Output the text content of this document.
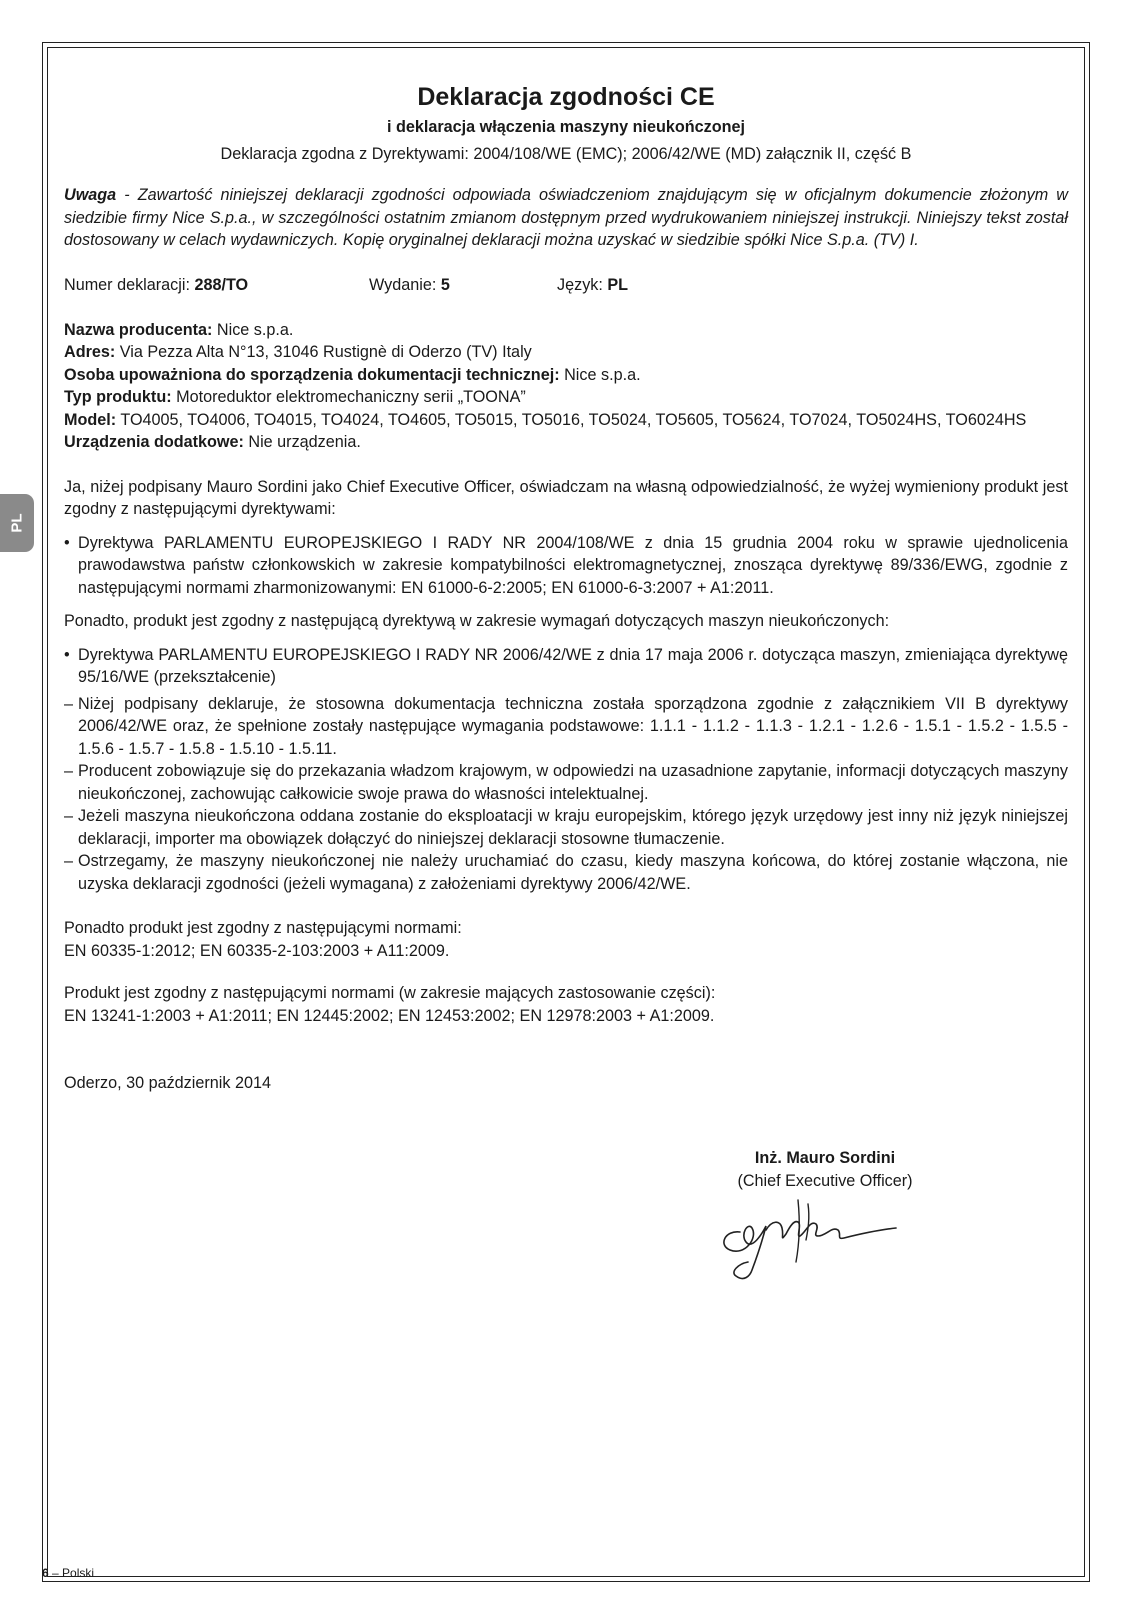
PL
Deklaracja zgodności CE

i deklaracja włączenia maszyny nieukończonej

Deklaracja zgodna z Dyrektywami: 2004/108/WE (EMC); 2006/42/WE (MD) załącznik II, część B

Uwaga - Zawartość niniejszej deklaracji zgodności odpowiada oświadczeniom znajdującym się w oficjalnym dokumencie złożonym w siedzibie firmy Nice S.p.a., w szczególności ostatnim zmianom dostępnym przed wydrukowaniem niniejszej instrukcji. Niniejszy tekst został dostosowany w celach wydawniczych. Kopię oryginalnej deklaracji można uzyskać w siedzibie spółki Nice S.p.a. (TV) I.

Numer deklaracji: 288/TO	Wydanie: 5	Język: PL

Nazwa producenta: Nice s.p.a.

Adres: Via Pezza Alta N°13, 31046 Rustignè di Oderzo (TV) Italy

Osoba upoważniona do sporządzenia dokumentacji technicznej: Nice s.p.a.

Typ produktu: Motoreduktor elektromechaniczny serii „TOONA”

Model: TO4005, TO4006, TO4015, TO4024, TO4605, TO5015, TO5016, TO5024, TO5605, TO5624, TO7024, TO5024HS, TO6024HS

Urządzenia dodatkowe: Nie urządzenia.

Ja, niżej podpisany Mauro Sordini jako Chief Executive Officer, oświadczam na własną odpowiedzialność, że wyżej wymieniony produkt jest zgodny z następującymi dyrektywami:

• Dyrektywa PARLAMENTU EUROPEJSKIEGO I RADY NR 2004/108/WE z dnia 15 grudnia 2004 roku w sprawie ujednolicenia prawodawstwa państw członkowskich w zakresie kompatybilności elektromagnetycznej, znosząca dyrektywę 89/336/EWG, zgodnie z następującymi normami zharmonizowanymi: EN 61000-6-2:2005; EN 61000-6-3:2007 + A1:2011.

Ponadto, produkt jest zgodny z następującą dyrektywą w zakresie wymagań dotyczących maszyn nieukończonych:

• Dyrektywa PARLAMENTU EUROPEJSKIEGO I RADY NR 2006/42/WE z dnia 17 maja 2006 r. dotycząca maszyn, zmieniająca dyrektywę 95/16/WE (przekształcenie)
– Niżej podpisany deklaruje, że stosowna dokumentacja techniczna została sporządzona zgodnie z załącznikiem VII B dyrektywy 2006/42/WE oraz, że spełnione zostały następujące wymagania podstawowe: 1.1.1 - 1.1.2 - 1.1.3 - 1.2.1 - 1.2.6 - 1.5.1 - 1.5.2 - 1.5.5 - 1.5.6 - 1.5.7 - 1.5.8 - 1.5.10 - 1.5.11.
– Producent zobowiązuje się do przekazania władzom krajowym, w odpowiedzi na uzasadnione zapytanie, informacji dotyczących maszyny nieukończonej, zachowując całkowicie swoje prawa do własności intelektualnej.
– Jeżeli maszyna nieukończona oddana zostanie do eksploatacji w kraju europejskim, którego język urzędowy jest inny niż język niniejszej deklaracji, importer ma obowiązek dołączyć do niniejszej deklaracji stosowne tłumaczenie.
– Ostrzegamy, że maszyny nieukończonej nie należy uruchamiać do czasu, kiedy maszyna końcowa, do której zostanie włączona, nie uzyska deklaracji zgodności (jeżeli wymagana) z założeniami dyrektywy 2006/42/WE.

Ponadto produkt jest zgodny z następującymi normami:

EN 60335-1:2012; EN 60335-2-103:2003 + A11:2009.

Produkt jest zgodny z następującymi normami (w zakresie mających zastosowanie części):

EN 13241-1:2003 + A1:2011; EN 12445:2002; EN 12453:2002; EN 12978:2003 + A1:2009.

Oderzo, 30 październik 2014

Inż. Mauro Sordini

(Chief Executive Officer)

6 – Polski
